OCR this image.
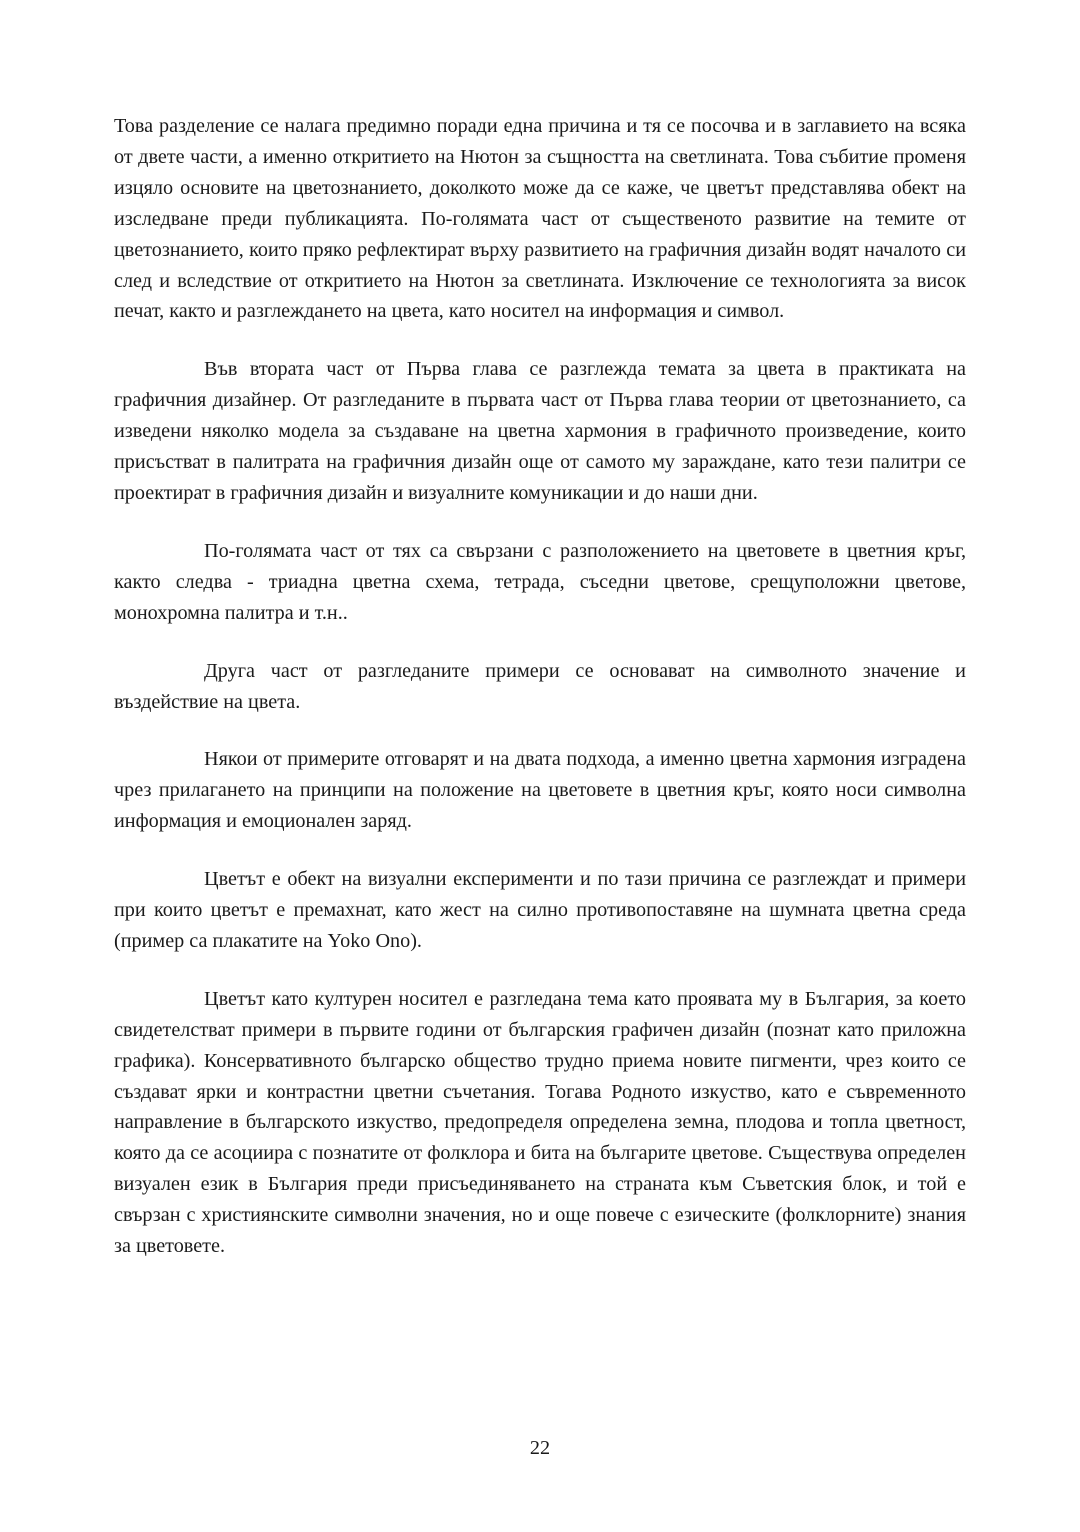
Това разделение се налага предимно поради една причина и тя се посочва и в заглавието на всяка от двете части, а именно откритието на Нютон за същността на светлината. Това събитие променя изцяло основите на цветознанието, доколкото може да се каже, че цветът представлява обект на изследване преди публикацията. По-голямата част от същественото развитие на темите от цветознанието, които пряко рефлектират върху развитието на графичния дизайн водят началото си след и вследствие от откритието на Нютон за светлината. Изключение се технологията за висок печат, както и разглеждането на цвета, като носител на информация и символ.

Във втората част от Първа глава се разглежда темата за цвета в практиката на графичния дизайнер. От разгледаните в първата част от Първа глава теории от цветознанието, са изведени няколко модела за създаване на цветна хармония в графичното произведение, които присъстват в палитрата на графичния дизайн още от самото му зараждане, като тези палитри се проектират в графичния дизайн и визуалните комуникации и до наши дни.

По-голямата част от тях са свързани с разположението на цветовете в цветния кръг, както следва - триадна цветна схема, тетрада, съседни цветове, срещуположни цветове, монохромна палитра и т.н..

Друга част от разгледаните примери се основават на символното значение и въздействие на цвета.

Някои от примерите отговарят и на двата подхода, а именно цветна хармония изградена чрез прилагането на принципи на положение на цветовете в цветния кръг, която носи символна информация и емоционален заряд.

Цветът е обект на визуални експерименти и по тази причина се разглеждат и примери при които цветът е премахнат, като жест на силно противопоставяне на шумната цветна среда (пример са плакатите на Yoko Ono).

Цветът като културен носител е разгледана тема като проявата му в България, за което свидетелстват примери в първите години от българския графичен дизайн (познат като приложна графика). Консервативното българско общество трудно приема новите пигменти, чрез които се създават ярки и контрастни цветни съчетания. Тогава Родното изкуство, като е съвременното направление в българското изкуство, предопределя определена земна, плодова и топла цветност, която да се асоциира с познатите от фолклора и бита на българите цветове. Съществува определен визуален език в България преди присъединяването на страната към Съветския блок, и той е свързан с християнските символни значения, но и още повече с езическите (фолклорните) знания за цветовете.

22
